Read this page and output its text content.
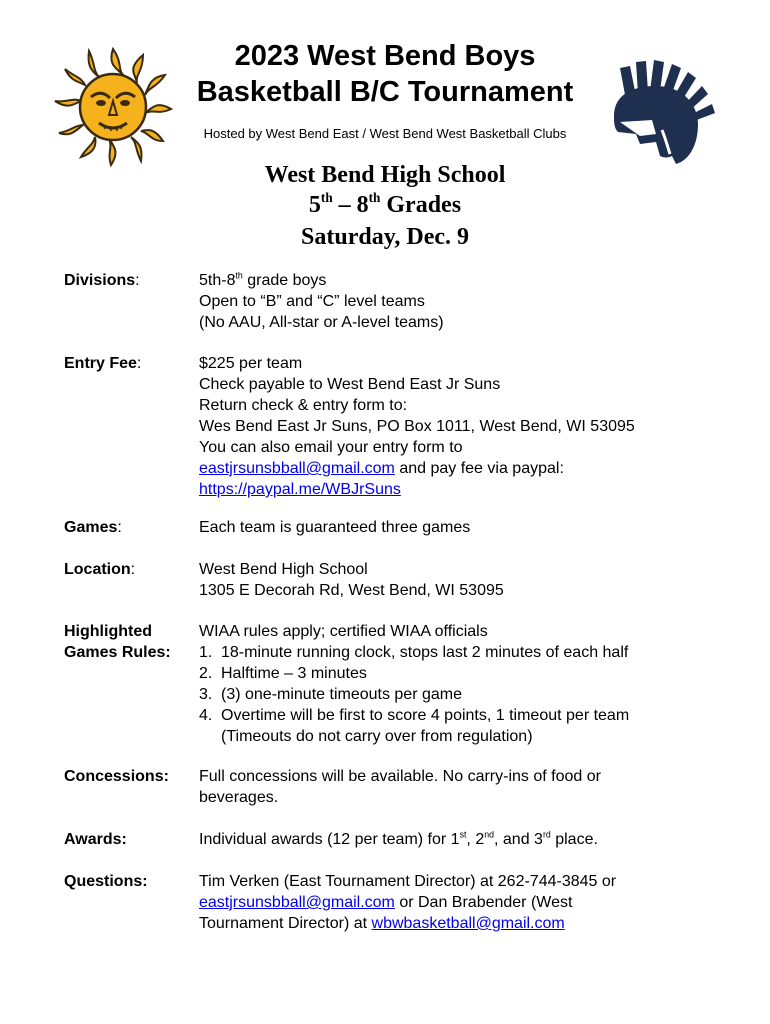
2023 West Bend Boys
Basketball B/C Tournament
Hosted by West Bend East / West Bend West Basketball Clubs
West Bend High School
5th – 8th Grades
Saturday, Dec. 9
Divisions:	5th-8th grade boys
Open to “B” and “C” level teams
(No AAU, All-star or A-level teams)
Entry Fee:	$225 per team
Check payable to West Bend East Jr Suns
Return check & entry form to:
Wes Bend East Jr Suns, PO Box 1011, West Bend, WI 53095
You can also email your entry form to
eastjrsunsbball@gmail.com and pay fee via paypal:
https://paypal.me/WBJrSuns
Games:	Each team is guaranteed three games
Location:	West Bend High School
1305 E Decorah Rd, West Bend, WI 53095
Highlighted
Games Rules:
WIAA rules apply; certified WIAA officials
1. 18-minute running clock, stops last 2 minutes of each half
2. Halftime – 3 minutes
3. (3) one-minute timeouts per game
4. Overtime will be first to score 4 points, 1 timeout per team
(Timeouts do not carry over from regulation)
Concessions:	Full concessions will be available. No carry-ins of food or
beverages.
Awards:	Individual awards (12 per team) for 1st, 2nd, and 3rd place.
Questions:	Tim Verken (East Tournament Director) at 262-744-3845 or
eastjrsunsbball@gmail.com or Dan Brabender (West
Tournament Director) at wbwbasketball@gmail.com
